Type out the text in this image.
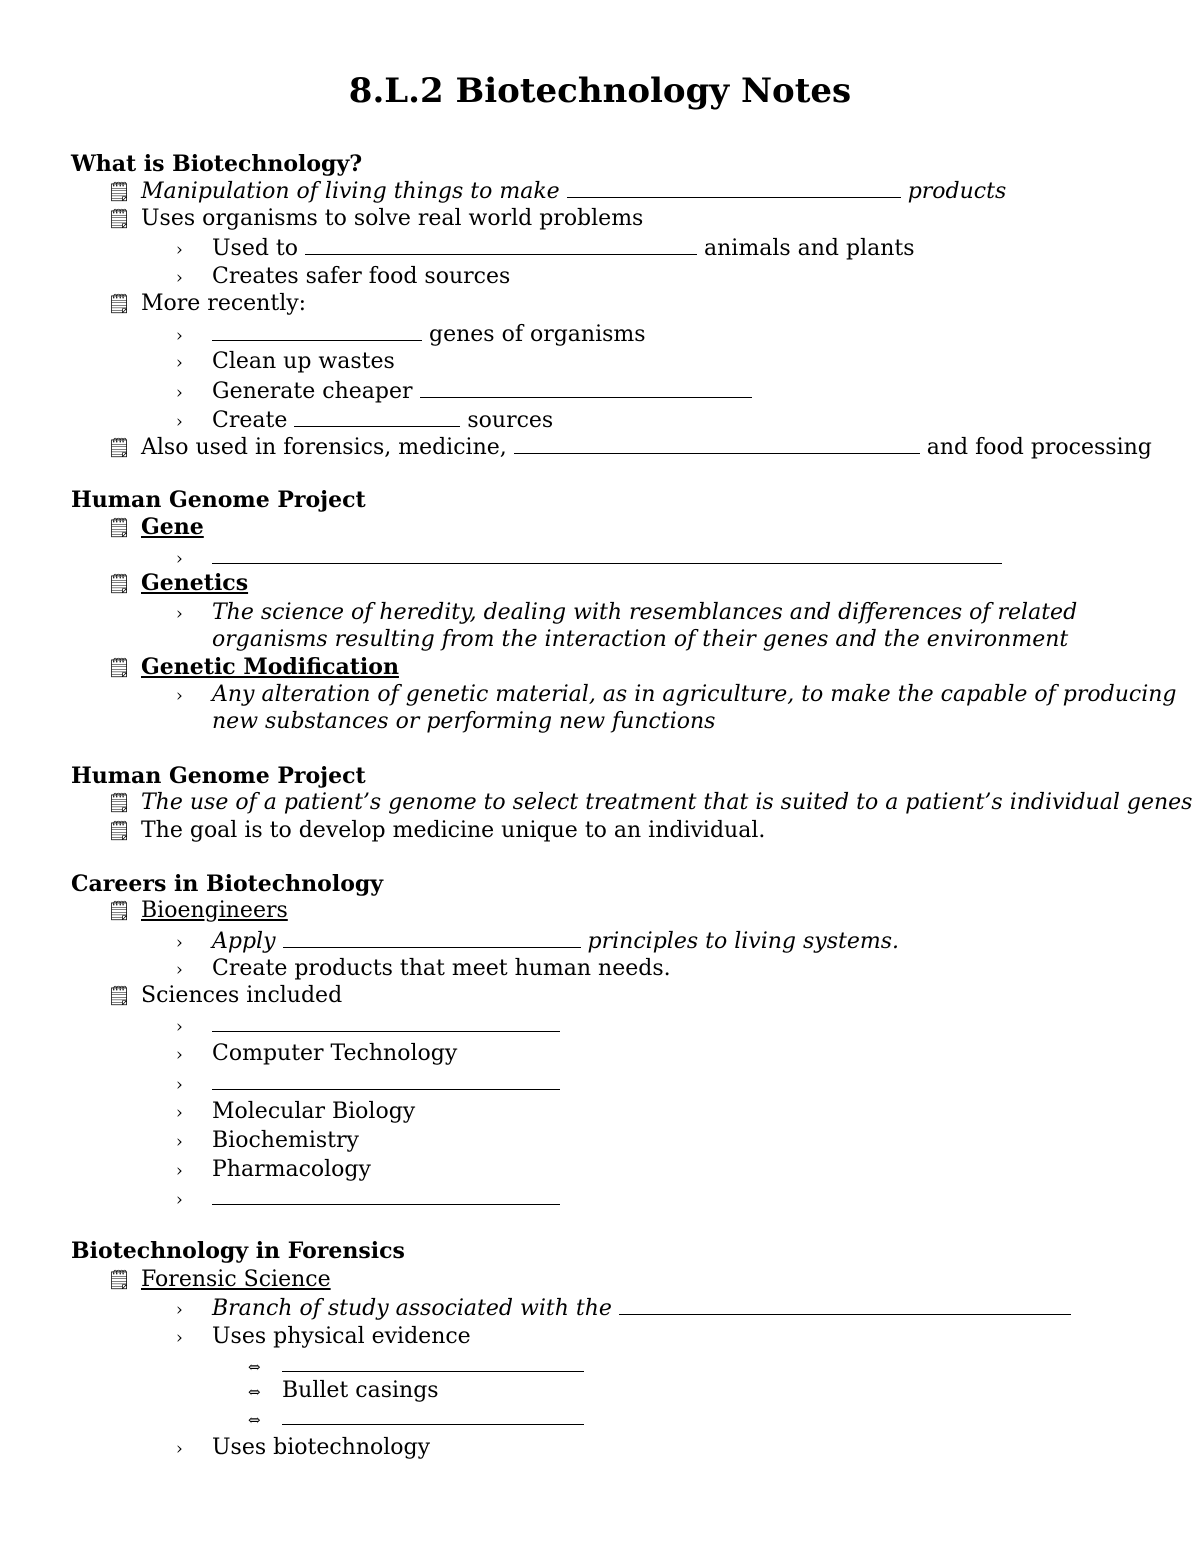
8.L.2 Biotechnology Notes
What is Biotechnology?
🗒 Manipulation of living things to make	products
🗒 Uses organisms to solve real world problems
› Used to	animals and plants
› Creates safer food sources
🗒 More recently:
›	genes of organisms
› Clean up wastes
› Generate cheaper
› Create	sources
🗒 Also used in forensics, medicine,	and food processing
Human Genome Project
🗒 Gene
›
🗒 Genetics
› The science of heredity, dealing with resemblances and differences of related
organisms resulting from the interaction of their genes and the environment
🗒 Genetic Modification
› Any alteration of genetic material, as in agriculture, to make the capable of producing
new substances or performing new functions
Human Genome Project
🗒 The use of a patient’s genome to select treatment that is suited to a patient’s individual genes
🗒 The goal is to develop medicine unique to an individual.
Careers in Biotechnology
🗒 Bioengineers
› Apply	principles to living systems.
› Create products that meet human needs.
🗒 Sciences included
›
› Computer Technology
›
› Molecular Biology
› Biochemistry
› Pharmacology
›
Biotechnology in Forensics
🗒 Forensic Science
› Branch of study associated with the
› Uses physical evidence
⇔
⇔ Bullet casings
⇔
› Uses biotechnology
